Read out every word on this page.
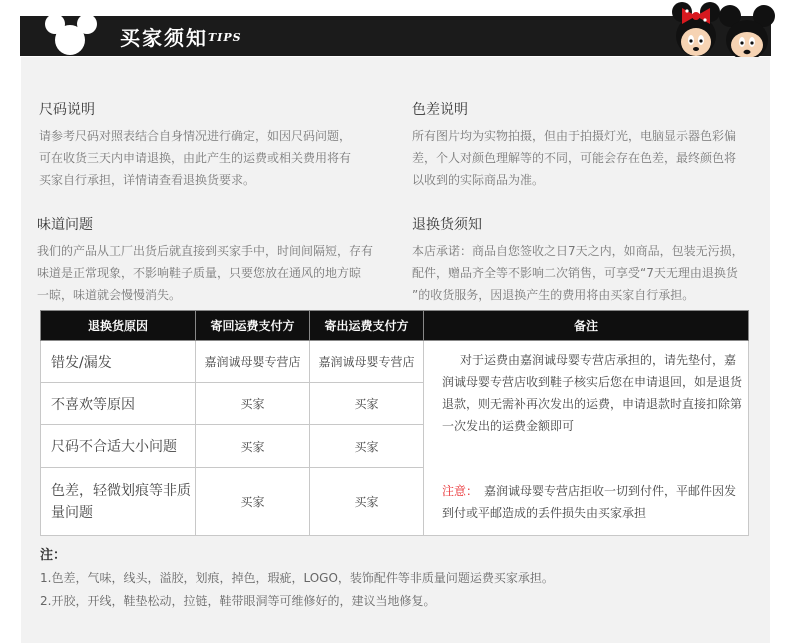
买家须知 TIPS
尺码说明

请参考尺码对照表结合自身情况进行确定，如因尺码问题，
可在收货三天内申请退换，由此产生的运费或相关费用将有
买家自行承担，详情请查看退换货要求。

色差说明

所有图片均为实物拍摄，但由于拍摄灯光，电脑显示器色彩偏
差，个人对颜色理解等的不同，可能会存在色差，最终颜色将
以收到的实际商品为准。

味道问题

我们的产品从工厂出货后就直接到买家手中，时间间隔短，存有
味道是正常现象，不影响鞋子质量，只要您放在通风的地方晾
一晾，味道就会慢慢消失。

退换货须知

本店承诺：商品自您签收之日7天之内，如商品，包装无污损，
配件，赠品齐全等不影响二次销售，可享受“7天无理由退换货
”的收货服务，因退换产生的费用将由买家自行承担。

退换货原因	寄回运费支付方	寄出运费支付方	备注
错发/漏发	嘉润诚母婴专营店	嘉润诚母婴专营店	对于运费由嘉润诚母婴专营店承担的，请先垫付，嘉润诚母婴专营店收到鞋子核实后您在申请退回，如是退货退款，则无需补再次发出的运费，申请退款时直接扣除第一次发出的运费金额即可
注意： 嘉润诚母婴专营店拒收一切到付件，平邮件因发到付或平邮造成的丢件损失由买家承担

不喜欢等原因	买家	买家	
尺码不合适大小问题	买家	买家	
色差，轻微划痕等非质量问题	买家	买家	
注：
1.色差，气味，线头，溢胶，划痕，掉色，瑕疵，LOGO，装饰配件等非质量问题运费买家承担。
2.开胶，开线，鞋垫松动，拉链，鞋带眼洞等可维修好的，建议当地修复。
